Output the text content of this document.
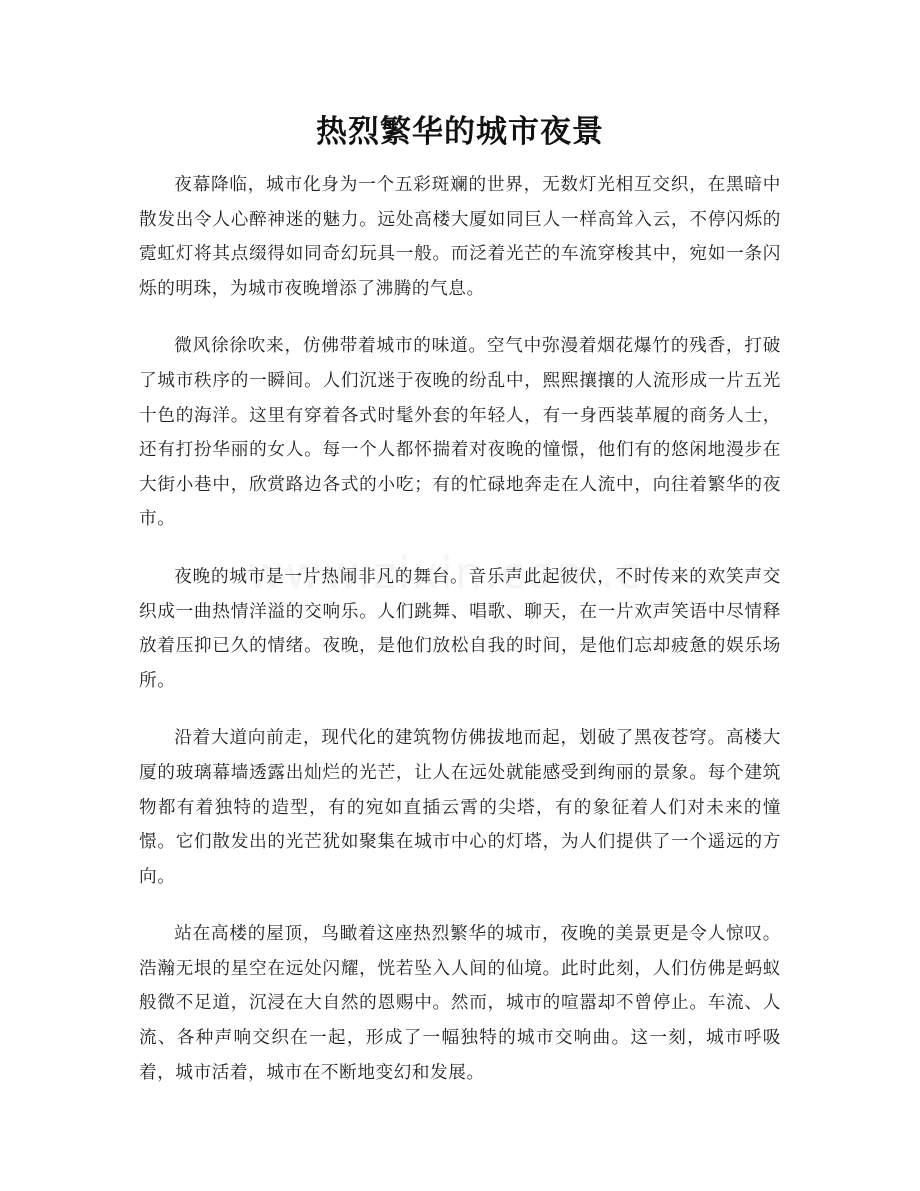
热烈繁华的城市夜景

夜幕降临，城市化身为一个五彩斑斓的世界，无数灯光相互交织，在黑暗中散发出令人心醉神迷的魅力。远处高楼大厦如同巨人一样高耸入云，不停闪烁的霓虹灯将其点缀得如同奇幻玩具一般。而泛着光芒的车流穿梭其中，宛如一条闪烁的明珠，为城市夜晚增添了沸腾的气息。

微风徐徐吹来，仿佛带着城市的味道。空气中弥漫着烟花爆竹的残香，打破了城市秩序的一瞬间。人们沉迷于夜晚的纷乱中，熙熙攘攘的人流形成一片五光十色的海洋。这里有穿着各式时髦外套的年轻人，有一身西装革履的商务人士，还有打扮华丽的女人。每一个人都怀揣着对夜晚的憧憬，他们有的悠闲地漫步在大街小巷中，欣赏路边各式的小吃；有的忙碌地奔走在人流中，向往着繁华的夜市。

夜晚的城市是一片热闹非凡的舞台。音乐声此起彼伏，不时传来的欢笑声交织成一曲热情洋溢的交响乐。人们跳舞、唱歌、聊天，在一片欢声笑语中尽情释放着压抑已久的情绪。夜晚，是他们放松自我的时间，是他们忘却疲惫的娱乐场所。

沿着大道向前走，现代化的建筑物仿佛拔地而起，划破了黑夜苍穹。高楼大厦的玻璃幕墙透露出灿烂的光芒，让人在远处就能感受到绚丽的景象。每个建筑物都有着独特的造型，有的宛如直插云霄的尖塔，有的象征着人们对未来的憧憬。它们散发出的光芒犹如聚集在城市中心的灯塔，为人们提供了一个遥远的方向。

站在高楼的屋顶，鸟瞰着这座热烈繁华的城市，夜晚的美景更是令人惊叹。浩瀚无垠的星空在远处闪耀，恍若坠入人间的仙境。此时此刻，人们仿佛是蚂蚁般微不足道，沉浸在大自然的恩赐中。然而，城市的喧嚣却不曾停止。车流、人流、各种声响交织在一起，形成了一幅独特的城市交响曲。这一刻，城市呼吸着，城市活着，城市在不断地变幻和发展。
